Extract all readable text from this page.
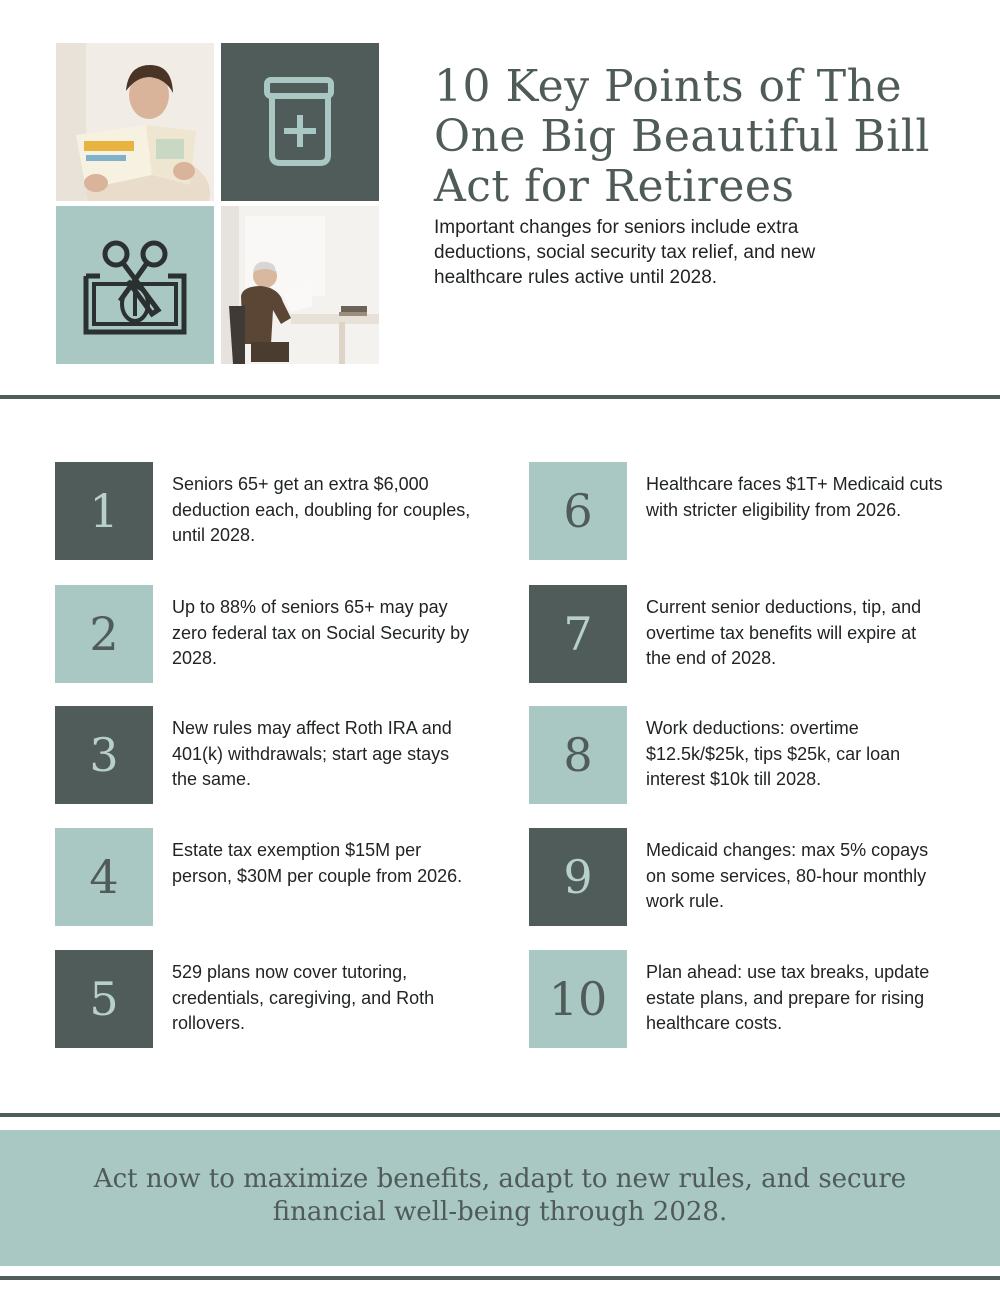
10 Key Points of The One Big Beautiful Bill Act for Retirees
Important changes for seniors include extra deductions, social security tax relief, and new healthcare rules active until 2028.
1	Seniors 65+ get an extra $6,000 deduction each, doubling for couples, until 2028.
2	Up to 88% of seniors 65+ may pay zero federal tax on Social Security by 2028.
3	New rules may affect Roth IRA and 401(k) withdrawals; start age stays the same.
4	Estate tax exemption $15M per person, $30M per couple from 2026.
5	529 plans now cover tutoring, credentials, caregiving, and Roth rollovers.
6	Healthcare faces $1T+ Medicaid cuts with stricter eligibility from 2026.
7	Current senior deductions, tip, and overtime tax benefits will expire at the end of 2028.
8	Work deductions: overtime $12.5k/$25k, tips $25k, car loan interest $10k till 2028.
9	Medicaid changes: max 5% copays on some services, 80-hour monthly work rule.
10	Plan ahead: use tax breaks, update estate plans, and prepare for rising healthcare costs.
Act now to maximize benefits, adapt to new rules, and secure financial well-being through 2028.
